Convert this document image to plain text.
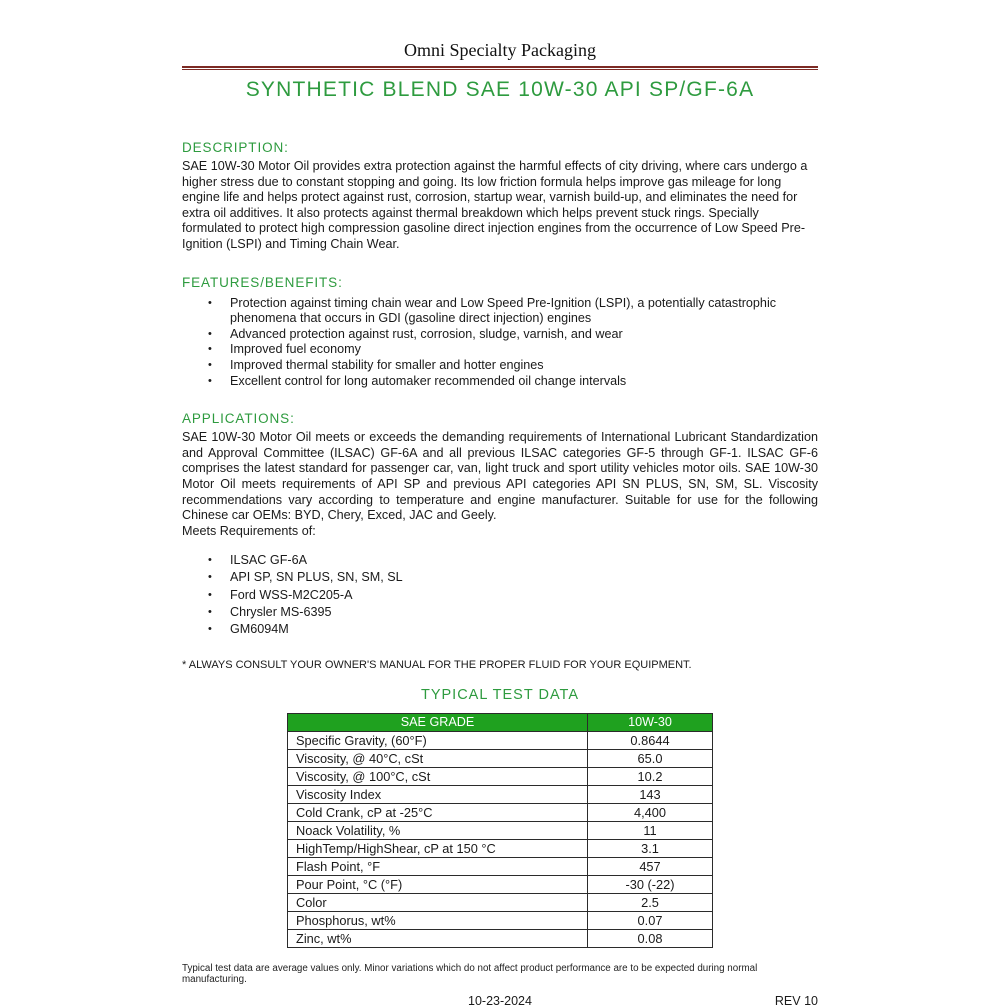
Omni Specialty Packaging
SYNTHETIC BLEND SAE 10W-30 API SP/GF-6A
DESCRIPTION:
SAE 10W-30 Motor Oil provides extra protection against the harmful effects of city driving, where cars undergo a higher stress due to constant stopping and going. Its low friction formula helps improve gas mileage for long engine life and helps protect against rust, corrosion, startup wear, varnish build-up, and eliminates the need for extra oil additives. It also protects against thermal breakdown which helps prevent stuck rings. Specially formulated to protect high compression gasoline direct injection engines from the occurrence of Low Speed Pre-Ignition (LSPI) and Timing Chain Wear.
FEATURES/BENEFITS:
• Protection against timing chain wear and Low Speed Pre-Ignition (LSPI), a potentially catastrophic phenomena that occurs in GDI (gasoline direct injection) engines
• Advanced protection against rust, corrosion, sludge, varnish, and wear
• Improved fuel economy
• Improved thermal stability for smaller and hotter engines
• Excellent control for long automaker recommended oil change intervals
APPLICATIONS:
SAE 10W-30 Motor Oil meets or exceeds the demanding requirements of International Lubricant Standardization and Approval Committee (ILSAC) GF-6A and all previous ILSAC categories GF-5 through GF-1. ILSAC GF-6 comprises the latest standard for passenger car, van, light truck and sport utility vehicles motor oils. SAE 10W-30 Motor Oil meets requirements of API SP and previous API categories API SN PLUS, SN, SM, SL. Viscosity recommendations vary according to temperature and engine manufacturer. Suitable for use for the following Chinese car OEMs: BYD, Chery, Exced, JAC and Geely.
Meets Requirements of:
• ILSAC GF-6A
• API SP, SN PLUS, SN, SM, SL
• Ford WSS-M2C205-A
• Chrysler MS-6395
• GM6094M
* ALWAYS CONSULT YOUR OWNER'S MANUAL FOR THE PROPER FLUID FOR YOUR EQUIPMENT.
TYPICAL TEST DATA
SAE GRADE	10W-30
Specific Gravity, (60°F)	0.8644
Viscosity, @ 40°C, cSt	65.0
Viscosity, @ 100°C, cSt	10.2
Viscosity Index	143
Cold Crank, cP at -25°C	4,400
Noack Volatility, %	11
HighTemp/HighShear, cP at 150 °C	3.1
Flash Point, °F	457
Pour Point, °C (°F)	-30 (-22)
Color	2.5
Phosphorus, wt%	0.07
Zinc, wt%	0.08
Typical test data are average values only. Minor variations which do not affect product performance are to be expected during normal manufacturing.
10-23-2024	REV 10
